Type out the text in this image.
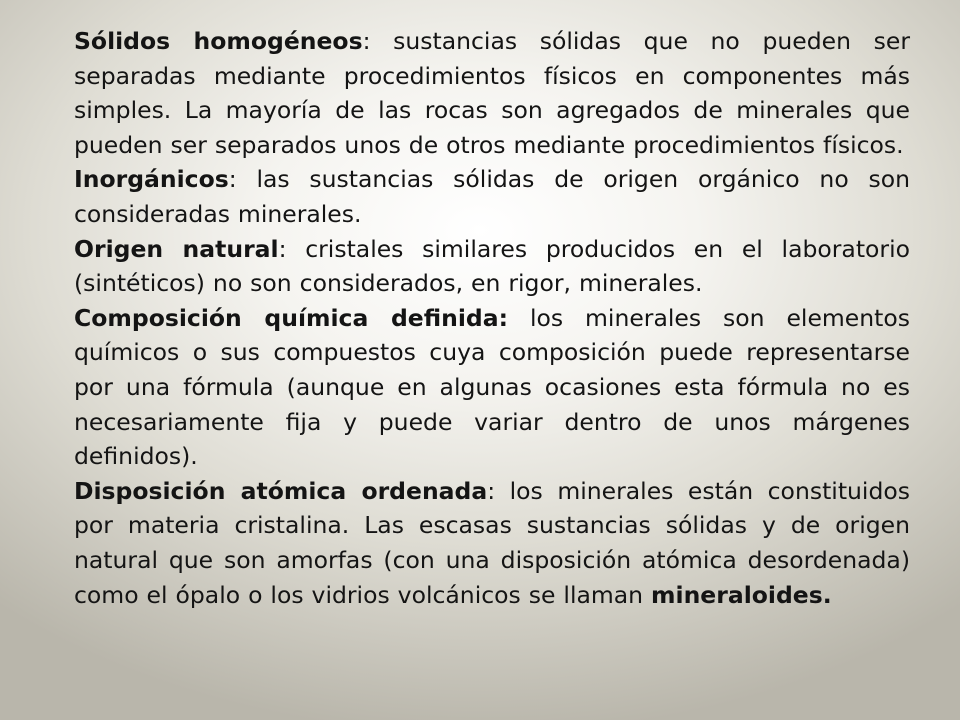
Sólidos homogéneos: sustancias sólidas que no pueden ser separadas mediante procedimientos físicos en componentes más simples. La mayoría de las rocas son agregados de minerales que pueden ser separados unos de otros mediante procedimientos físicos.

Inorgánicos: las sustancias sólidas de origen orgánico no son consideradas minerales.

Origen natural: cristales similares producidos en el laboratorio (sintéticos) no son considerados, en rigor, minerales.

Composición química definida: los minerales son elementos químicos o sus compuestos cuya composición puede representarse por una fórmula (aunque en algunas ocasiones esta fórmula no es necesariamente fija y puede variar dentro de unos márgenes definidos).

Disposición atómica ordenada: los minerales están constituidos por materia cristalina. Las escasas sustancias sólidas y de origen natural que son amorfas (con una disposición atómica desordenada) como el ópalo o los vidrios volcánicos se llaman mineraloides.
